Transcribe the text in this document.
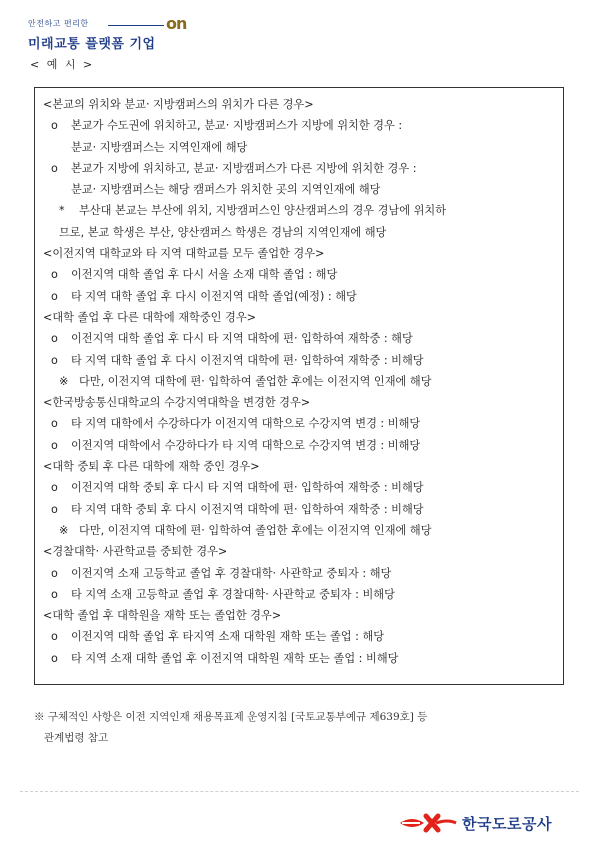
안전하고 편리한	on
미래교통 플랫폼 기업
< 예 시 >
<본교의 위치와 분교· 지방캠퍼스의 위치가 다른 경우>
o 본교가 수도권에 위치하고, 분교· 지방캠퍼스가 지방에 위치한 경우 :
분교· 지방캠퍼스는 지역인재에 해당
o 본교가 지방에 위치하고, 분교· 지방캠퍼스가 다른 지방에 위치한 경우 :
분교· 지방캠퍼스는 해당 캠퍼스가 위치한 곳의 지역인재에 해당
* 부산대 본교는 부산에 위치, 지방캠퍼스인 양산캠퍼스의 경우 경남에 위치하
므로, 본교 학생은 부산, 양산캠퍼스 학생은 경남의 지역인재에 해당
<이전지역 대학교와 타 지역 대학교를 모두 졸업한 경우>
o 이전지역 대학 졸업 후 다시 서울 소재 대학 졸업 : 해당
o 타 지역 대학 졸업 후 다시 이전지역 대학 졸업(예정) : 해당
<대학 졸업 후 다른 대학에 재학중인 경우>
o 이전지역 대학 졸업 후 다시 타 지역 대학에 편· 입학하여 재학중 : 해당
o 타 지역 대학 졸업 후 다시 이전지역 대학에 편· 입학하여 재학중 : 비해당
※ 다만, 이전지역 대학에 편· 입학하여 졸업한 후에는 이전지역 인재에 해당
<한국방송통신대학교의 수강지역대학을 변경한 경우>
o 타 지역 대학에서 수강하다가 이전지역 대학으로 수강지역 변경 : 비해당
o 이전지역 대학에서 수강하다가 타 지역 대학으로 수강지역 변경 : 비해당
<대학 중퇴 후 다른 대학에 재학 중인 경우>
o 이전지역 대학 중퇴 후 다시 타 지역 대학에 편· 입학하여 재학중 : 비해당
o 타 지역 대학 중퇴 후 다시 이전지역 대학에 편· 입학하여 재학중 : 비해당
※ 다만, 이전지역 대학에 편· 입학하여 졸업한 후에는 이전지역 인재에 해당
<경찰대학· 사관학교를 중퇴한 경우>
o 이전지역 소재 고등학교 졸업 후 경찰대학· 사관학교 중퇴자 : 해당
o 타 지역 소재 고등학교 졸업 후 경찰대학· 사관학교 중퇴자 : 비해당
<대학 졸업 후 대학원을 재학 또는 졸업한 경우>
o 이전지역 대학 졸업 후 타지역 소재 대학원 재학 또는 졸업 : 해당
o 타 지역 소재 대학 졸업 후 이전지역 대학원 재학 또는 졸업 : 비해당
※ 구체적인 사항은 이전 지역인재 채용목표제 운영지침 [국토교통부예규 제639호] 등
관계법령 참고
한국도로공사
